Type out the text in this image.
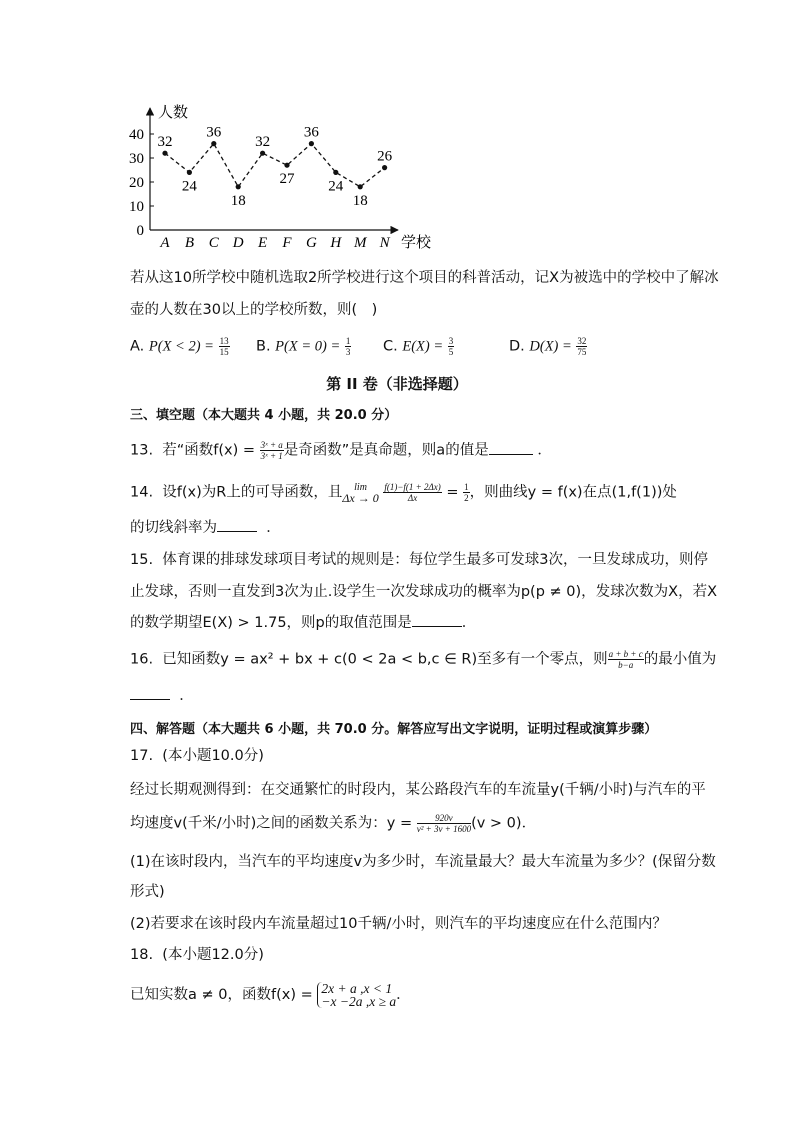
人数
学校
0
10
20
30
40
A B C D E F G H M N
32
24
36
18
32
27
36
24
18
26
若从这10所学校中随机选取2所学校进行这个项目的科普活动，记X为被选中的学校中了解冰
壶的人数在30以上的学校所数，则(　)
A. $P(X < 2) = \frac{13}{15} B$. $P(X = 0) = \frac{1}{3} C$. $E(X) = \frac{3}{5}$	D. $D(X) = \frac{32}{75}$
第 II 卷（非选择题）
三、填空题（本大题共 4 小题，共 20.0 分）
13. 若“函数$f(x) = \frac{\text{3ˣ + a}}{\text{3ˣ + 1}}$ 是奇函数”是真命题，则a的值是	．
14. 设f(x)为R上的可导函数，且	lim
Δx → 0
$\frac{f(1)-f(1 + 2\Delta x)}{\Delta x} = \frac{1}{2}$ ，则曲线y = f(x)在点(1,f(1))处
的切线斜率为	．
15. 体育课的排球发球项目考试的规则是：每位学生最多可发球3次，一旦发球成功，则停
止发球，否则一直发到3次为止.设学生一次发球成功的概率为p(p ≠ 0)，发球次数为X，若X
的数学期望E(X) > 1.75，则p的取值范围是	．
16. 已知函数y = ax² + bx + c(0 < 2a < b,c ∈ R)至多有一个零点，则 $\frac{a + b + c}{b-a}$ 的最小值为
．
四、解答题（本大题共 6 小题，共 70.0 分。解答应写出文字说明，证明过程或演算步骤）
17. (本小题10.0分)
经过长期观测得到：在交通繁忙的时段内，某公路段汽车的车流量y(千辆/小时)与汽车的平
均速度v(千米/小时)之间的函数关系为：$y = \frac{920v}{\text{v² + 3v + 1600}} (v > 0)$．
(1)在该时段内，当汽车的平均速度v为多少时，车流量最大？最大车流量为多少？(保留分数
形式)
(2)若要求在该时段内车流量超过10千辆/小时，则汽车的平均速度应在什么范围内？
18. (本小题12.0分)
已知实数a ≠ 0，函数f(x) = 2x + a ,x < 1
−x −2a ,x ≥ a ．
